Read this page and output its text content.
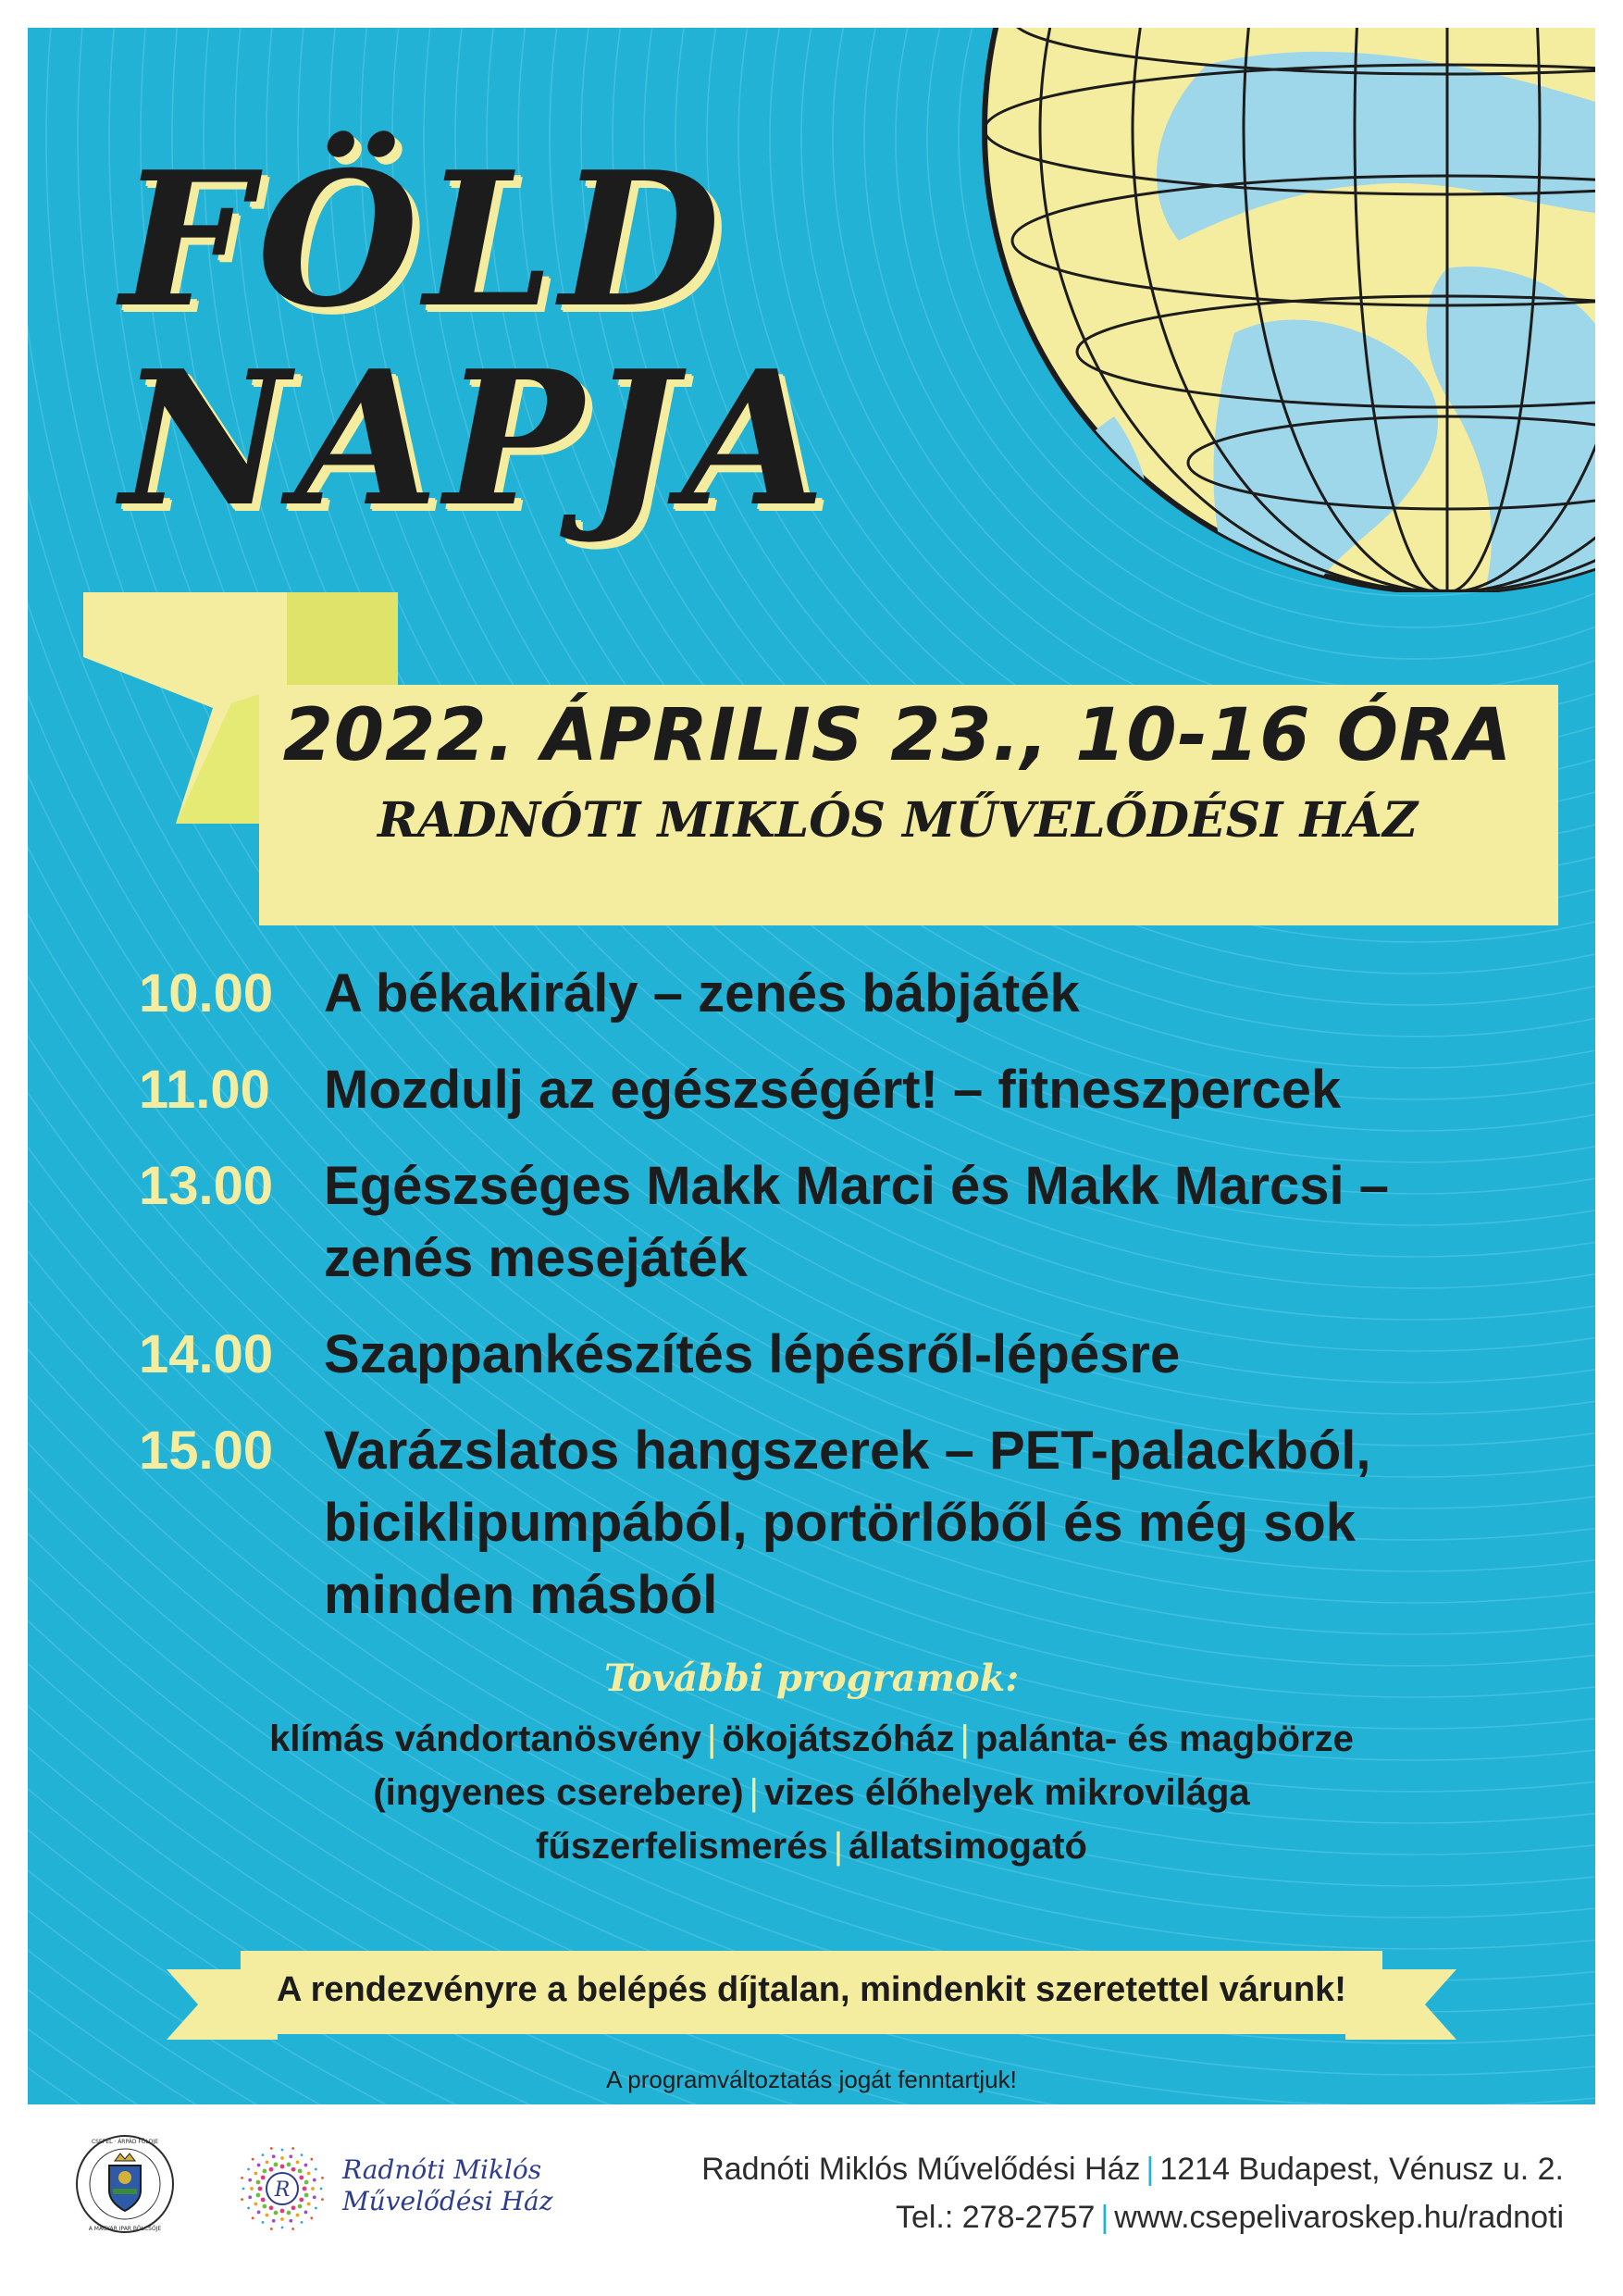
FÖLD
NAPJA

2022. ÁPRILIS 23., 10-16 ÓRA

RADNÓTI MIKLÓS MŰVELŐDÉSI HÁZ

10.00 A békakirály – zenés bábjáték
11.00	Mozdulj az egészségért! – fitneszpercek
13.00 Egészséges Makk Marci és Makk Marcsi –
zenés mesejáték
14.00 Szappankészítés lépésről-lépésre
15.00 Varázslatos hangszerek – PET-palackból,
biciklipumpából, portörlőből és még sok
minden másból

További programok:

klímás vándortanösvény | ökojátszóház | palánta- és magbörze
(ingyenes cserebere) | vizes élőhelyek mikrovilága
fűszerfelismerés | állatsimogató

A rendezvényre a belépés díjtalan, mindenkit szeretettel várunk!

A programváltoztatás jogát fenntartjuk!

CSEPEL · ÁRPÁD FÖLDJE
A MAGYAR IPAR BÖLCSŐJE
R
Radnóti Miklós
Művelődési Ház
Radnóti Miklós Művelődési Ház | 1214 Budapest, Vénusz u. 2.
Tel.: 278-2757 | www.csepelivaroskep.hu/radnoti
